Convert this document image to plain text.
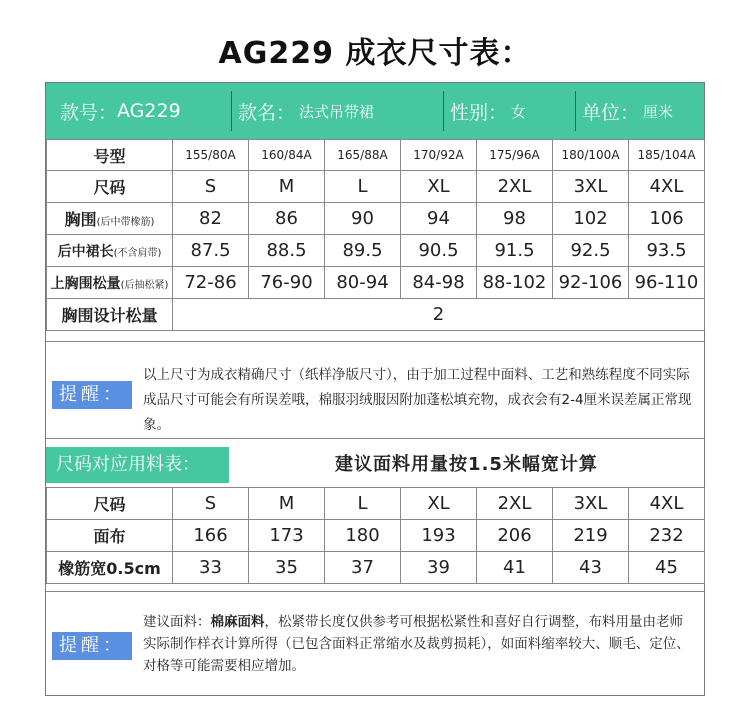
AG229 成衣尺寸表：
款号： AG229	款名： 法式吊带裙	性别： 女	单位： 厘米
号型	155/80A	160/84A	165/88A	170/92A	175/96A	180/100A	185/104A
尺码	S	M	L	XL	2XL	3XL	4XL
胸围(后中带橡筋)	82	86	90	94	98	102	106
后中裙长(不含肩带)	87.5	88.5	89.5	90.5	91.5	92.5	93.5
上胸围松量(后抽松紧)	72-86	76-90	80-94	84-98	88-102	92-106	96-110
胸围设计松量	2						
提醒：
以上尺寸为成衣精确尺寸（纸样净版尺寸），由于加工过程中面料、工艺和熟练程度不同实际成品尺寸可能会有所误差哦，棉服羽绒服因附加蓬松填充物，成衣会有2-4厘米误差属正常现象。
尺码对应用料表：	建议面料用量按1.5米幅宽计算
尺码	S	M	L	XL	2XL	3XL	4XL
面布	166	173	180	193	206	219	232
橡筋宽0.5cm	33	35	37	39	41	43	45
提醒：
建议面料：棉麻面料，松紧带长度仅供参考可根据松紧性和喜好自行调整，布料用量由老师实际制作样衣计算所得（已包含面料正常缩水及裁剪损耗），如面料缩率较大、顺毛、定位、对格等可能需要相应增加。
